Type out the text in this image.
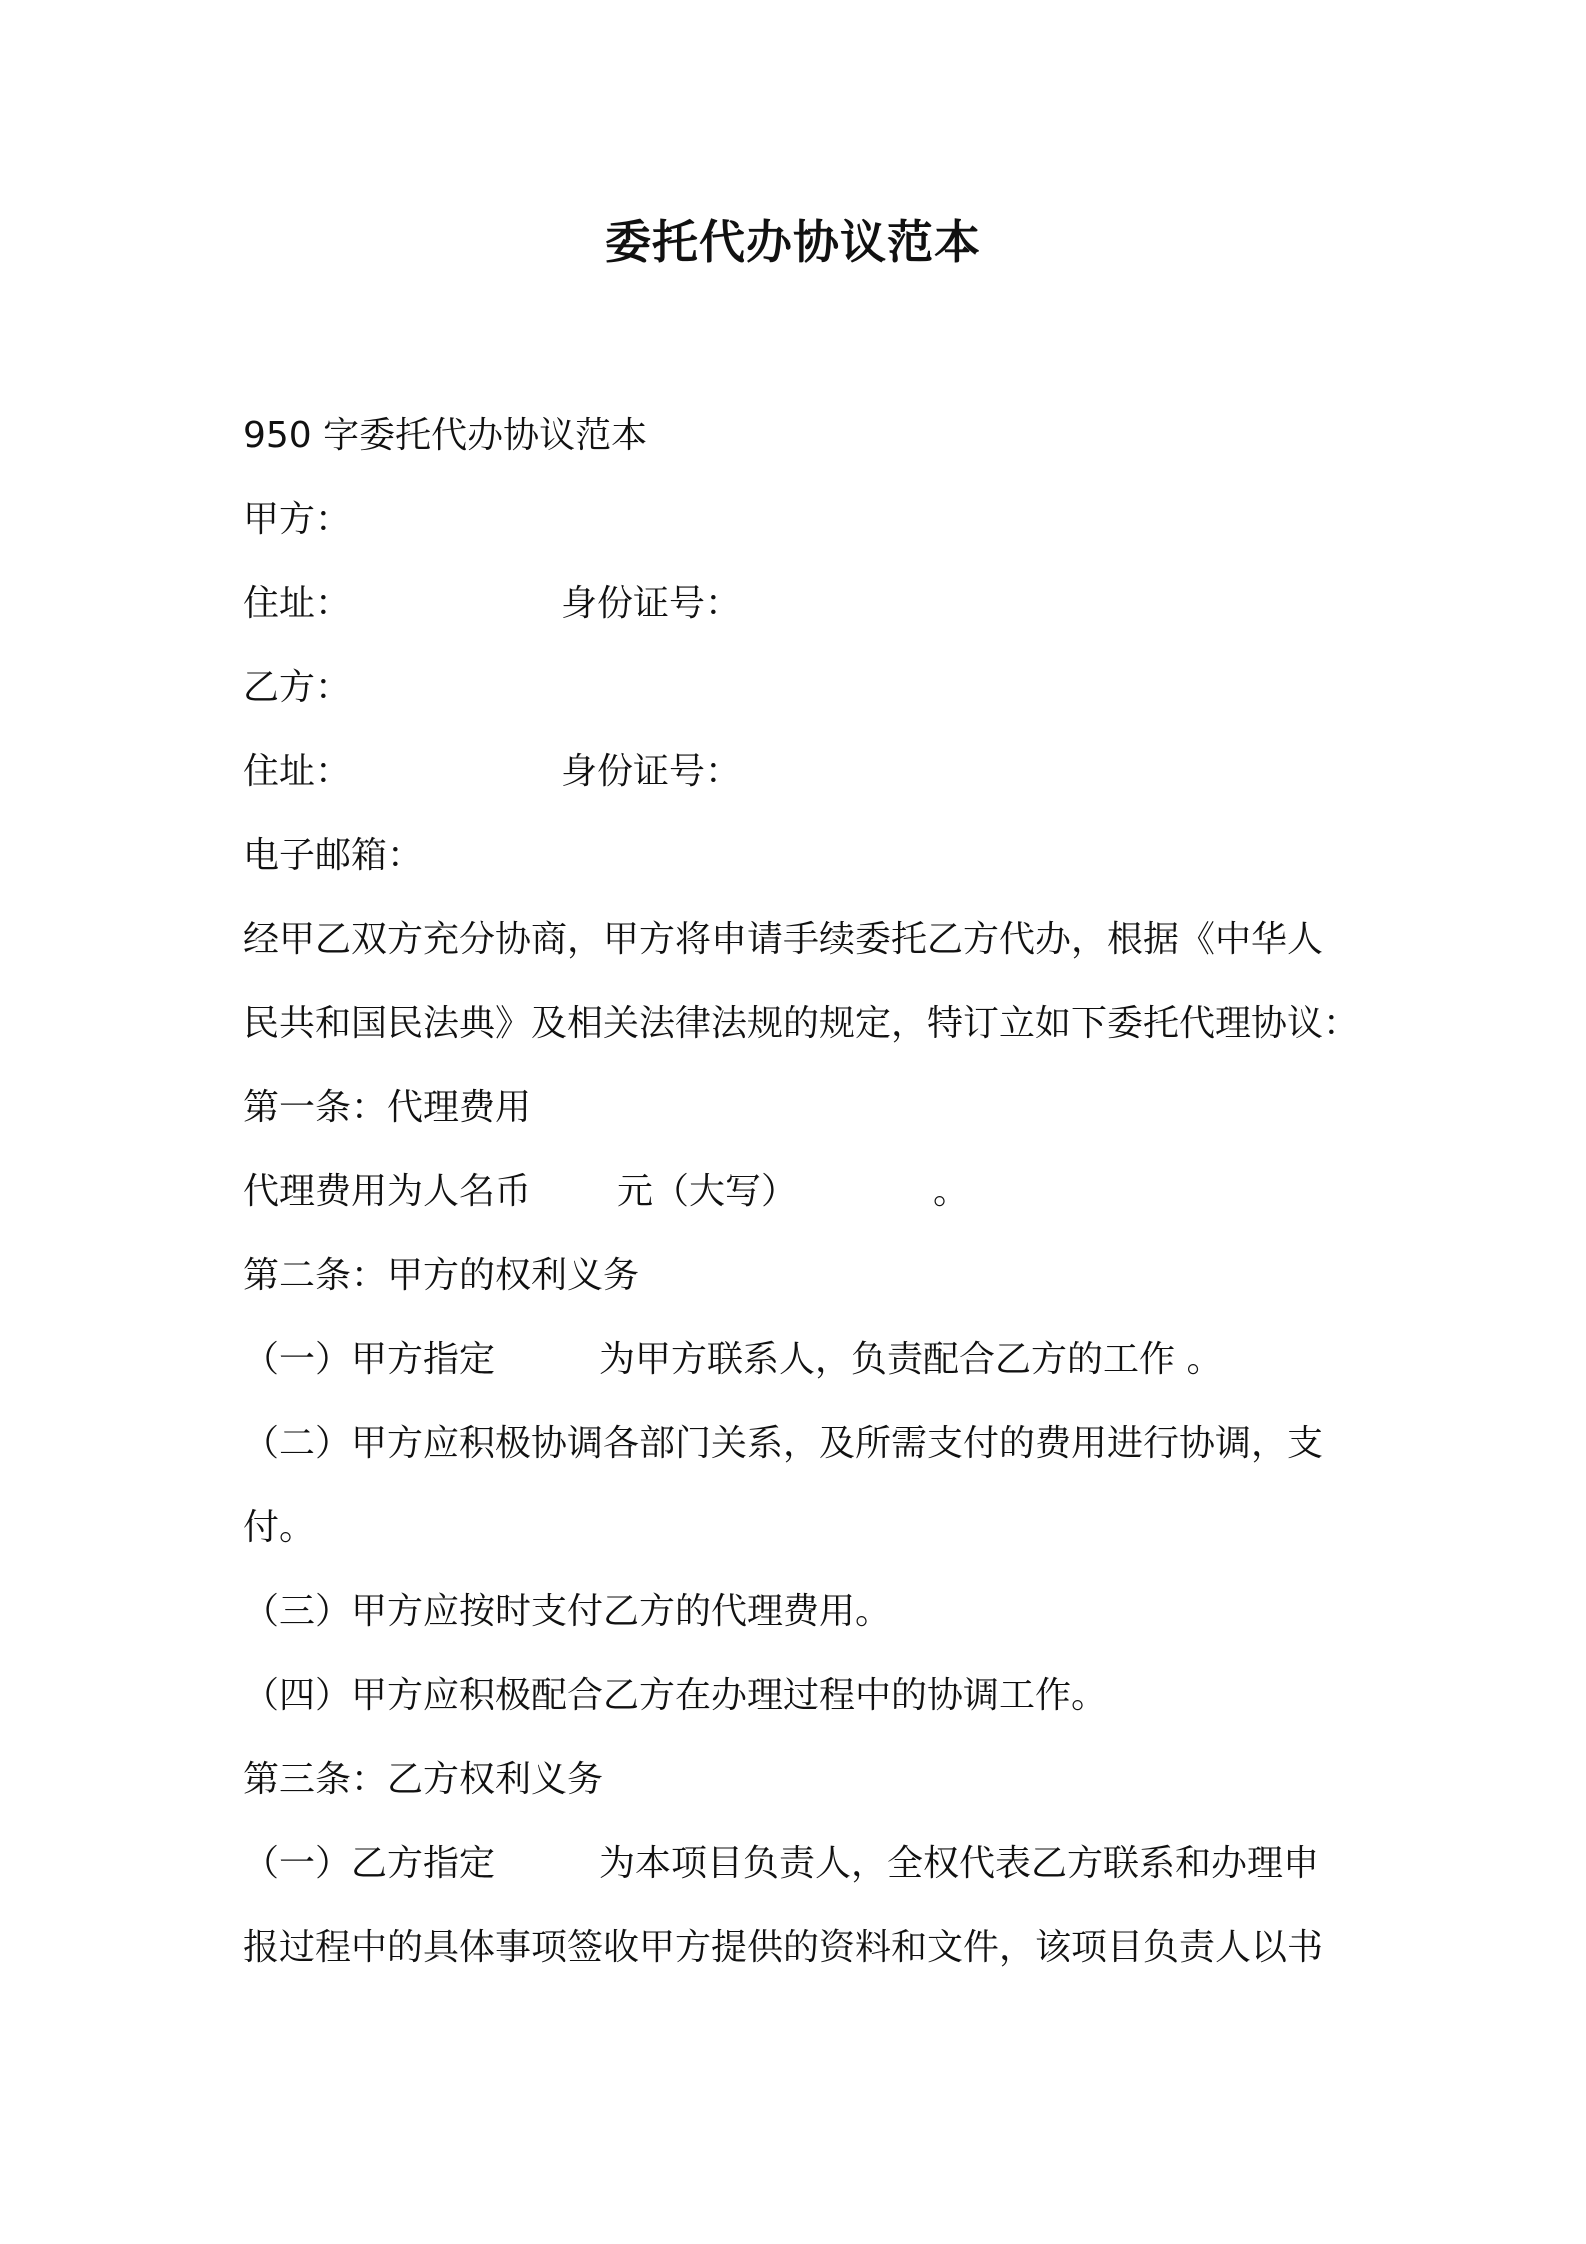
委托代办协议范本
950 字委托代办协议范本
甲方：
住址：	身份证号：
乙方：
住址：	身份证号：
电子邮箱：
经甲乙双方充分协商，甲方将申请手续委托乙方代办，根据《中华人
民共和国民法典》及相关法律法规的规定，特订立如下委托代理协议：
第一条：代理费用
代理费用为人名币 元（大写）	。
第二条：甲方的权利义务
（一）甲方指定	为甲方联系人，负责配合乙方的工作 。
（二）甲方应积极协调各部门关系，及所需支付的费用进行协调，支
付。
（三）甲方应按时支付乙方的代理费用。
（四）甲方应积极配合乙方在办理过程中的协调工作。
第三条：乙方权利义务
（一）乙方指定	为本项目负责人，全权代表乙方联系和办理申
报过程中的具体事项签收甲方提供的资料和文件，该项目负责人以书
